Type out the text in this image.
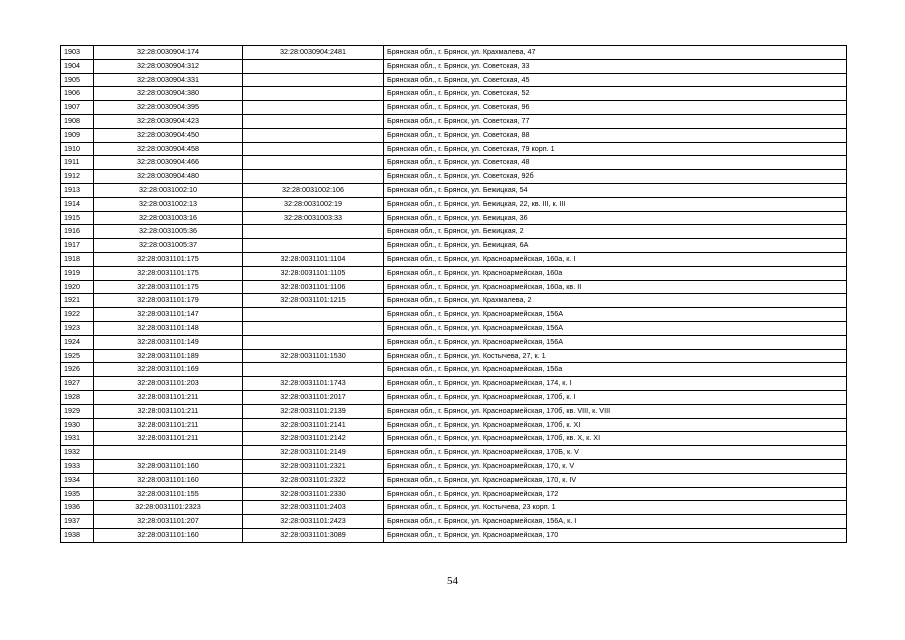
1903	32:28:0030904:174	32:28:0030904:2481	Брянская обл., г. Брянск, ул. Крахмалева, 47
1904	32:28:0030904:312		Брянская обл., г. Брянск, ул. Советская, 33
1905	32:28:0030904:331		Брянская обл., г. Брянск, ул. Советская, 45
1906	32:28:0030904:380		Брянская обл., г. Брянск, ул. Советская, 52
1907	32:28:0030904:395		Брянская обл., г. Брянск, ул. Советская, 96
1908	32:28:0030904:423		Брянская обл., г. Брянск, ул. Советская, 77
1909	32:28:0030904:450		Брянская обл., г. Брянск, ул. Советская, 88
1910	32:28:0030904:458		Брянская обл., г. Брянск, ул. Советская, 79 корп. 1
1911	32:28:0030904:466		Брянская обл., г. Брянск, ул. Советская, 48
1912	32:28:0030904:480		Брянская обл., г. Брянск, ул. Советская, 92б
1913	32:28:0031002:10	32:28:0031002:106	Брянская обл., г. Брянск, ул. Бежицкая, 54
1914	32:28:0031002:13	32:28:0031002:19	Брянская обл., г. Брянск, ул. Бежицкая, 22, кв. III, к. III
1915	32:28:0031003:16	32:28:0031003:33	Брянская обл., г. Брянск, ул. Бежицкая, 36
1916	32:28:0031005:36		Брянская обл., г. Брянск, ул. Бежицкая, 2
1917	32:28:0031005:37		Брянская обл., г. Брянск, ул. Бежицкая, 6А
1918	32:28:0031101:175	32:28:0031101:1104	Брянская обл., г. Брянск, ул. Красноармейская, 160а, к. I
1919	32:28:0031101:175	32:28:0031101:1105	Брянская обл., г. Брянск, ул. Красноармейская, 160а
1920	32:28:0031101:175	32:28:0031101:1106	Брянская обл., г. Брянск, ул. Красноармейская, 160а, кв. II
1921	32:28:0031101:179	32:28:0031101:1215	Брянская обл., г. Брянск, ул. Крахмалева, 2
1922	32:28:0031101:147		Брянская обл., г. Брянск, ул. Красноармейская, 156А
1923	32:28:0031101:148		Брянская обл., г. Брянск, ул. Красноармейская, 156А
1924	32:28:0031101:149		Брянская обл., г. Брянск, ул. Красноармейская, 156А
1925	32:28:0031101:189	32:28:0031101:1530	Брянская обл., г. Брянск, ул. Костычева, 27, к. 1
1926	32:28:0031101:169		Брянская обл., г. Брянск, ул. Красноармейская, 156а
1927	32:28:0031101:203	32:28:0031101:1743	Брянская обл., г. Брянск, ул. Красноармейская, 174, к. I
1928	32:28:0031101:211	32:28:0031101:2017	Брянская обл., г. Брянск, ул. Красноармейская, 170б, к. I
1929	32:28:0031101:211	32:28:0031101:2139	Брянская обл., г. Брянск, ул. Красноармейская, 170б, кв. VIII, к. VIII
1930	32:28:0031101:211	32:28:0031101:2141	Брянская обл., г. Брянск, ул. Красноармейская, 170б, к. XI
1931	32:28:0031101:211	32:28:0031101:2142	Брянская обл., г. Брянск, ул. Красноармейская, 170б, кв. X, к. XI
1932		32:28:0031101:2149	Брянская обл., г. Брянск, ул. Красноармейская, 170Б, к. V
1933	32:28:0031101:160	32:28:0031101:2321	Брянская обл., г. Брянск, ул. Красноармейская, 170, к. V
1934	32:28:0031101:160	32:28:0031101:2322	Брянская обл., г. Брянск, ул. Красноармейская, 170, к. IV
1935	32:28:0031101:155	32:28:0031101:2330	Брянская обл., г. Брянск, ул. Красноармейская, 172
1936	32:28:0031101:2323	32:28:0031101:2403	Брянская обл., г. Брянск, ул. Костычева, 23 корп. 1
1937	32:28:0031101:207	32:28:0031101:2423	Брянская обл., г. Брянск, ул. Красноармейская, 156А, к. I
1938	32:28:0031101:160	32:28:0031101:3089	Брянская обл., г. Брянск, ул. Красноармейская, 170
54
